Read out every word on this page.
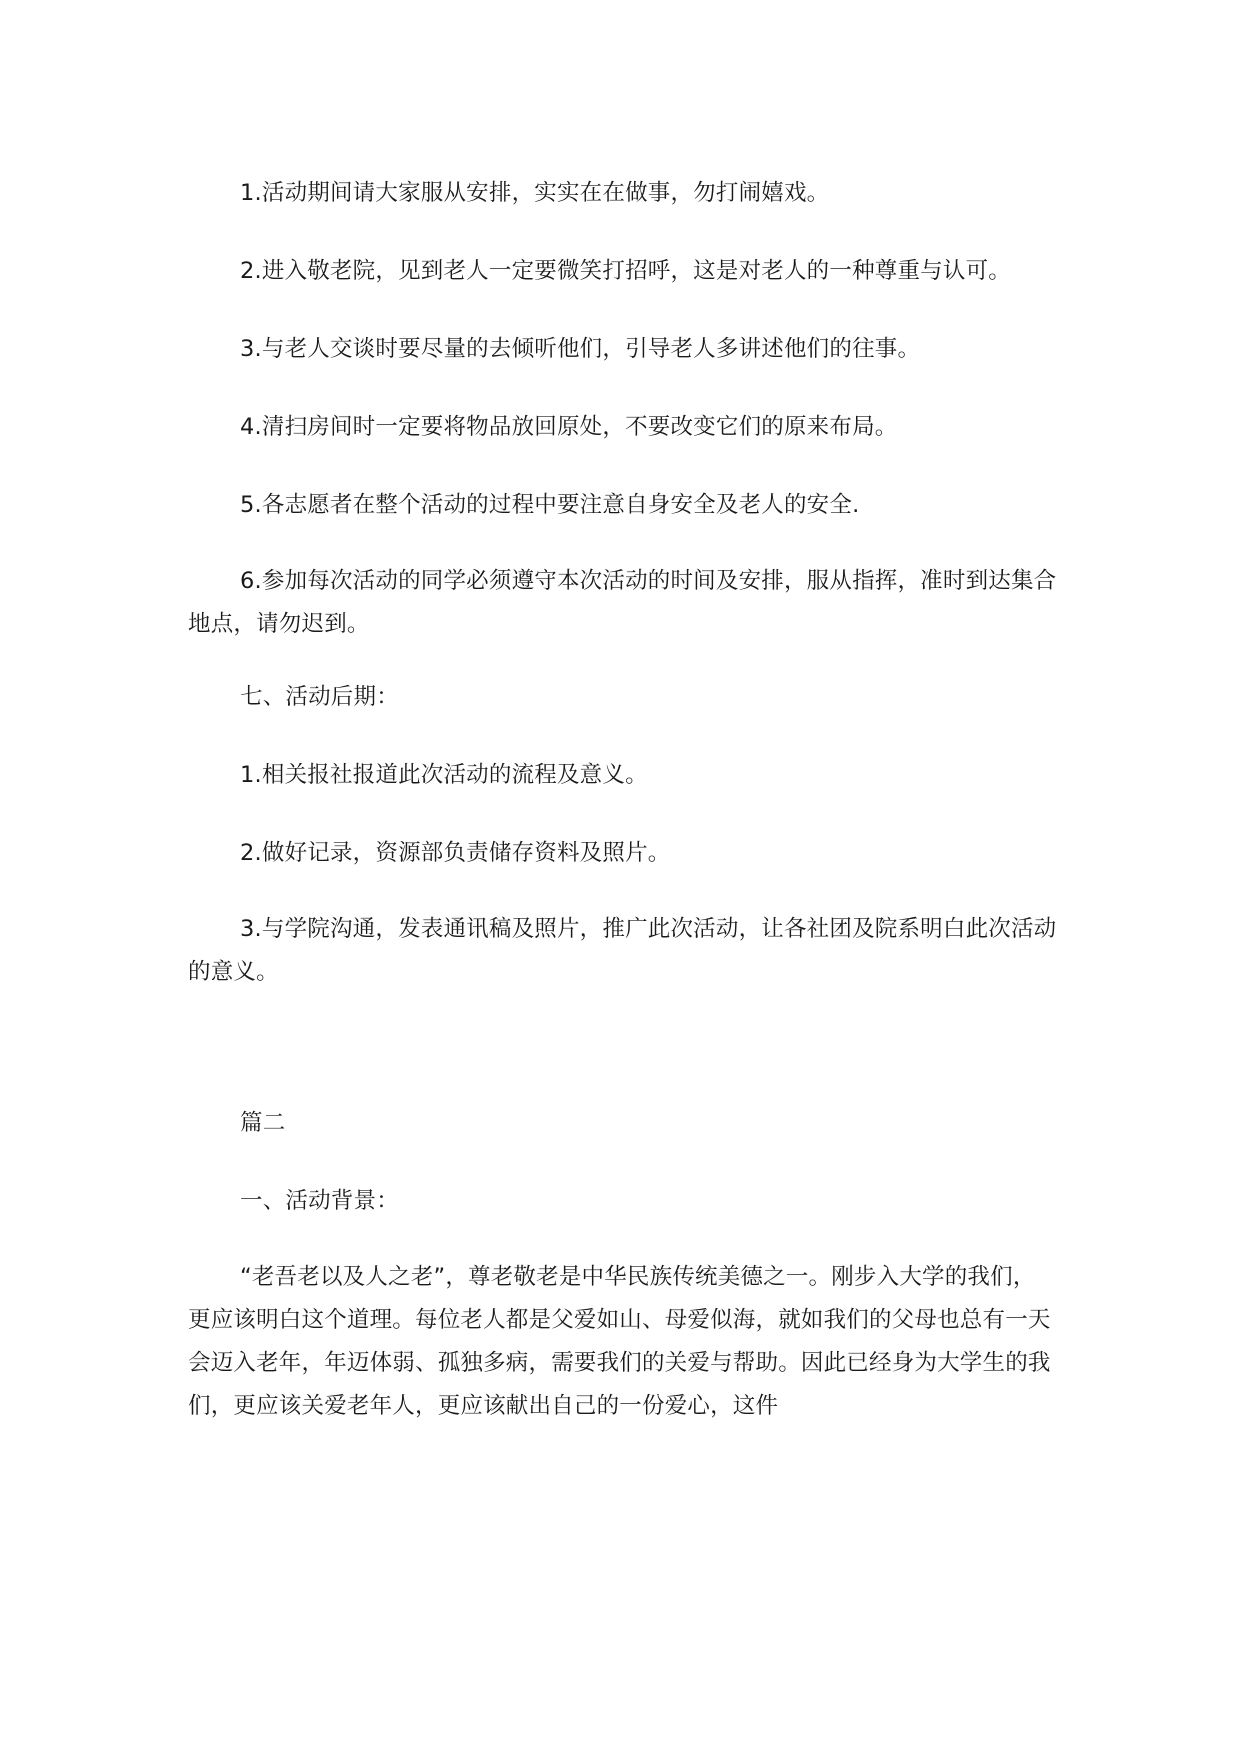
1.活动期间请大家服从安排，实实在在做事，勿打闹嬉戏。

2.进入敬老院，见到老人一定要微笑打招呼，这是对老人的一种尊重与认可。

3.与老人交谈时要尽量的去倾听他们，引导老人多讲述他们的往事。

4.清扫房间时一定要将物品放回原处，不要改变它们的原来布局。

5.各志愿者在整个活动的过程中要注意自身安全及老人的安全.

6.参加每次活动的同学必须遵守本次活动的时间及安排，服从指挥，准时到达集合地点，请勿迟到。

七、活动后期：

1.相关报社报道此次活动的流程及意义。

2.做好记录，资源部负责储存资料及照片。

3.与学院沟通，发表通讯稿及照片，推广此次活动，让各社团及院系明白此次活动的意义。

篇二

一、活动背景：

“老吾老以及人之老”，尊老敬老是中华民族传统美德之一。刚步入大学的我们，更应该明白这个道理。每位老人都是父爱如山、母爱似海，就如我们的父母也总有一天会迈入老年，年迈体弱、孤独多病，需要我们的关爱与帮助。因此已经身为大学生的我们，更应该关爱老年人，更应该献出自己的一份爱心，这件
